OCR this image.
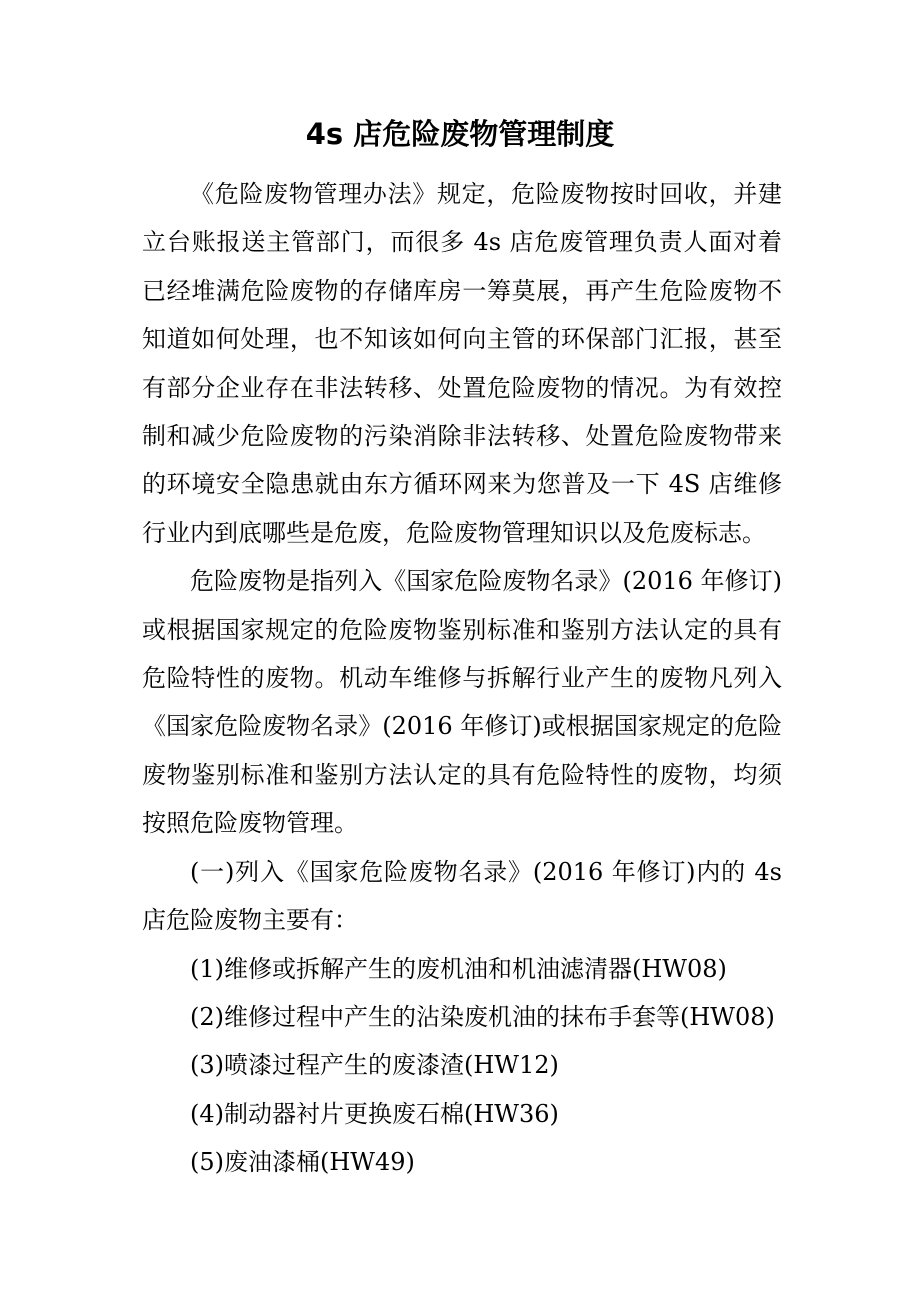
4s 店危险废物管理制度

《危险废物管理办法》规定，危险废物按时回收，并建立台账报送主管部门，而很多 4s 店危废管理负责人面对着已经堆满危险废物的存储库房一筹莫展，再产生危险废物不知道如何处理，也不知该如何向主管的环保部门汇报，甚至有部分企业存在非法转移、处置危险废物的情况。为有效控制和减少危险废物的污染消除非法转移、处置危险废物带来的环境安全隐患就由东方循环网来为您普及一下 4S 店维修行业内到底哪些是危废，危险废物管理知识以及危废标志。

危险废物是指列入《国家危险废物名录》(2016 年修订)或根据国家规定的危险废物鉴别标准和鉴别方法认定的具有危险特性的废物。机动车维修与拆解行业产生的废物凡列入《国家危险废物名录》(2016 年修订)或根据国家规定的危险废物鉴别标准和鉴别方法认定的具有危险特性的废物，均须按照危险废物管理。

(一)列入《国家危险废物名录》(2016 年修订)内的 4s 店危险废物主要有：

(1)维修或拆解产生的废机油和机油滤清器(HW08)

(2)维修过程中产生的沾染废机油的抹布手套等(HW08)

(3)喷漆过程产生的废漆渣(HW12)

(4)制动器衬片更换废石棉(HW36)

(5)废油漆桶(HW49)
